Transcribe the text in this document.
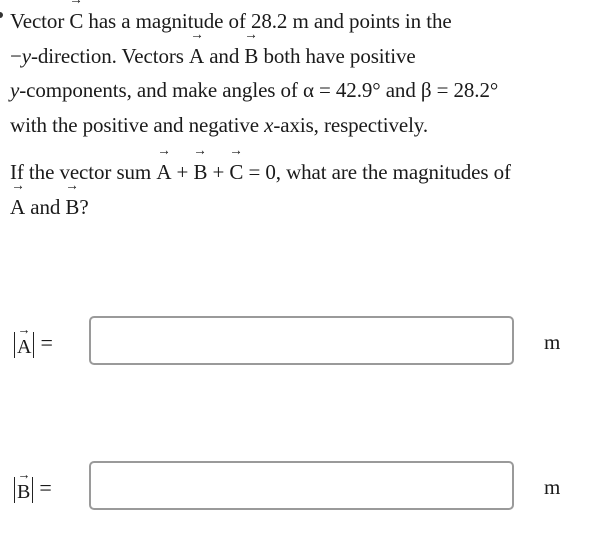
Vector → C has a magnitude of 28.2 m and points in the
−y-direction. Vectors → A and → B both have positive
y-components, and make angles of α = 42.9° and β = 28.2°
with the positive and negative x-axis, respectively.
If the vector sum → A + → B + → C = 0, what are the magnitudes of
→ A and → B?
→ A =	m
→ B =	m
